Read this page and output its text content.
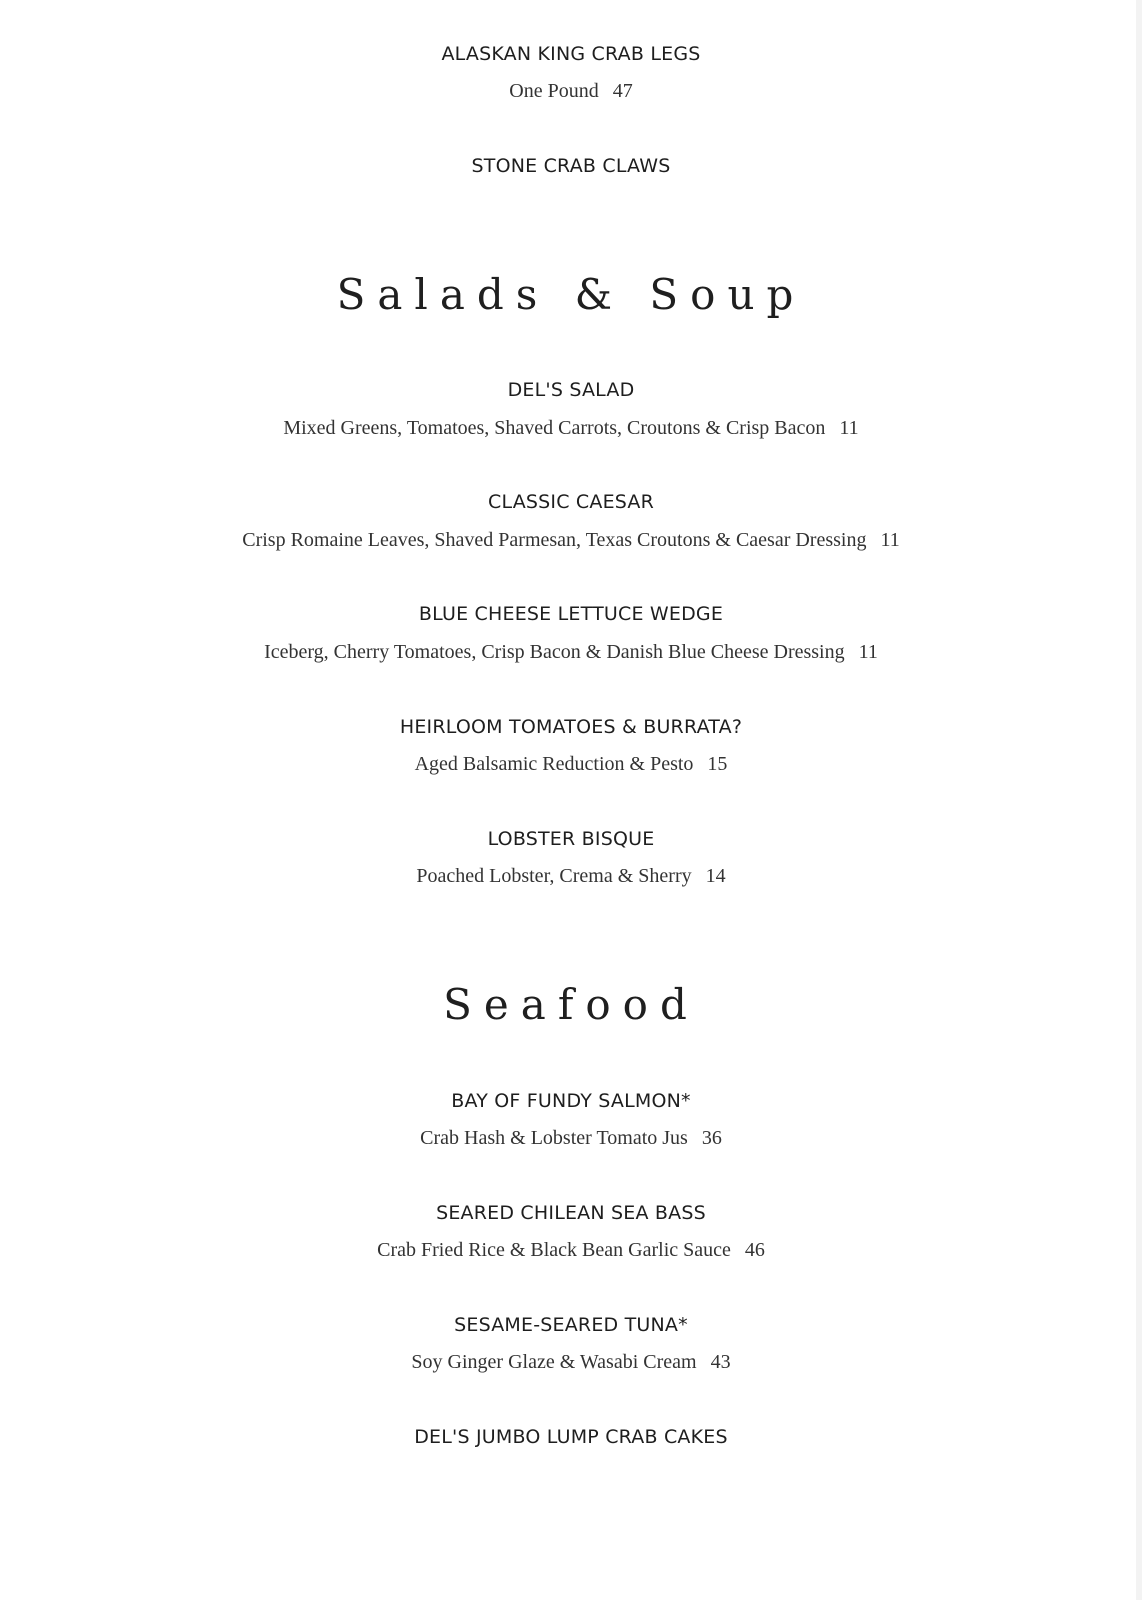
ALASKAN KING CRAB LEGS
One Pound 47
STONE CRAB CLAWS
Salads & Soup
DEL'S SALAD
Mixed Greens, Tomatoes, Shaved Carrots, Croutons & Crisp Bacon 11
CLASSIC CAESAR
Crisp Romaine Leaves, Shaved Parmesan, Texas Croutons & Caesar Dressing 11
BLUE CHEESE LETTUCE WEDGE
Iceberg, Cherry Tomatoes, Crisp Bacon & Danish Blue Cheese Dressing 11
HEIRLOOM TOMATOES & BURRATA?
Aged Balsamic Reduction & Pesto 15
LOBSTER BISQUE
Poached Lobster, Crema & Sherry 14
Seafood
BAY OF FUNDY SALMON*
Crab Hash & Lobster Tomato Jus 36
SEARED CHILEAN SEA BASS
Crab Fried Rice & Black Bean Garlic Sauce 46
SESAME-SEARED TUNA*
Soy Ginger Glaze & Wasabi Cream 43
DEL'S JUMBO LUMP CRAB CAKES
